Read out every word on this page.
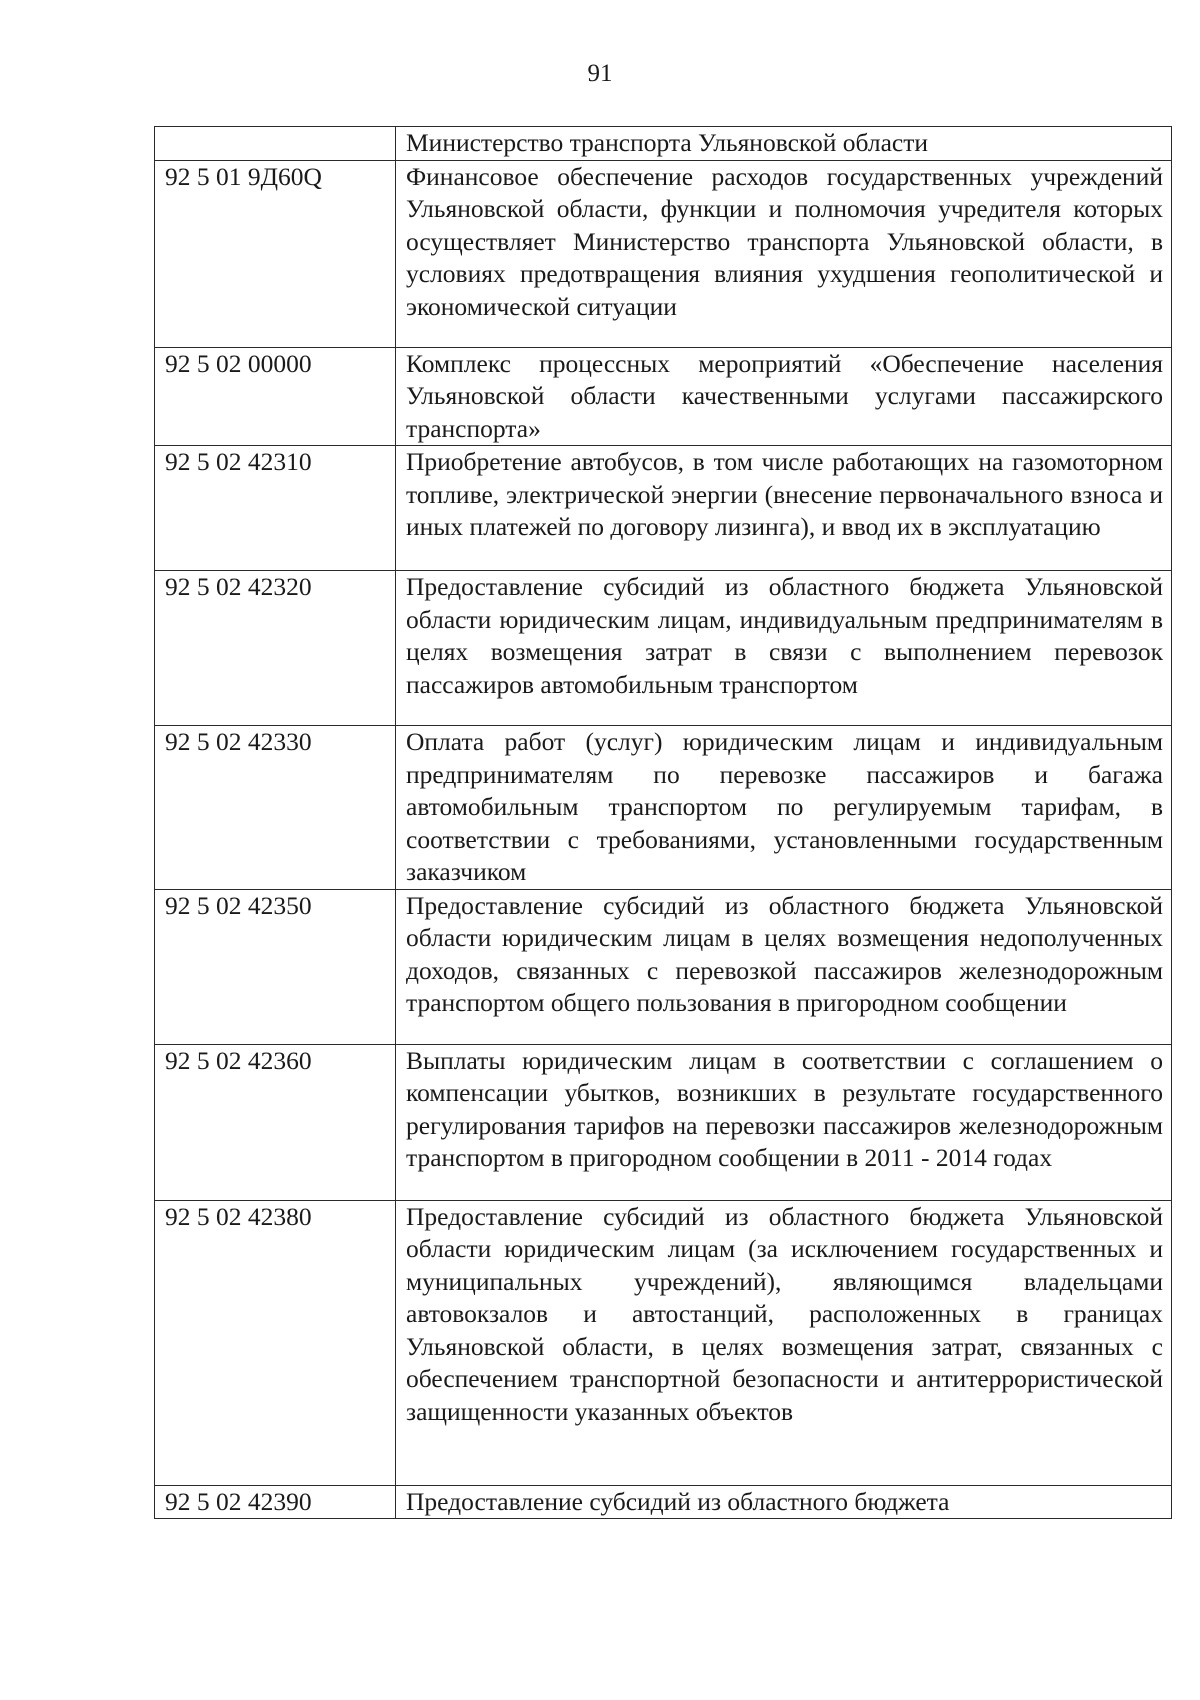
91
	Министерство транспорта Ульяновской области
92 5 01 9Д60Q	Финансовое обеспечение расходов государственных учреждений Ульяновской области, функции и полномочия учредителя которых осуществляет Министерство транспорта Ульяновской области, в условиях предотвращения влияния ухудшения геополитической и экономической ситуации
92 5 02 00000	Комплекс процессных мероприятий «Обеспечение населения Ульяновской области качественными услугами пассажирского транспорта»
92 5 02 42310	Приобретение автобусов, в том числе работающих на газомоторном топливе, электрической энергии (внесение первоначального взноса и иных платежей по договору лизинга), и ввод их в эксплуатацию
92 5 02 42320	Предоставление субсидий из областного бюджета Ульяновской области юридическим лицам, индивидуальным предпринимателям в целях возмещения затрат в связи с выполнением перевозок пассажиров автомобильным транспортом
92 5 02 42330	Оплата работ (услуг) юридическим лицам и индивидуальным предпринимателям по перевозке пассажиров и багажа автомобильным транспортом по регулируемым тарифам, в соответствии с требованиями, установленными государственным заказчиком
92 5 02 42350	Предоставление субсидий из областного бюджета Ульяновской области юридическим лицам в целях возмещения недополученных доходов, связанных с перевозкой пассажиров железнодорожным транспортом общего пользования в пригородном сообщении
92 5 02 42360	Выплаты юридическим лицам в соответствии с соглашением о компенсации убытков, возникших в результате государственного регулирования тарифов на перевозки пассажиров железнодорожным транспортом в пригородном сообщении в 2011 - 2014 годах
92 5 02 42380	Предоставление субсидий из областного бюджета Ульяновской области юридическим лицам (за исключением государственных и муниципальных учреждений), являющимся владельцами автовокзалов и автостанций, расположенных в границах Ульяновской области, в целях возмещения затрат, связанных с обеспечением транспортной безопасности и антитеррористической защищенности указанных объектов
92 5 02 42390	Предоставление субсидий из областного бюджета
